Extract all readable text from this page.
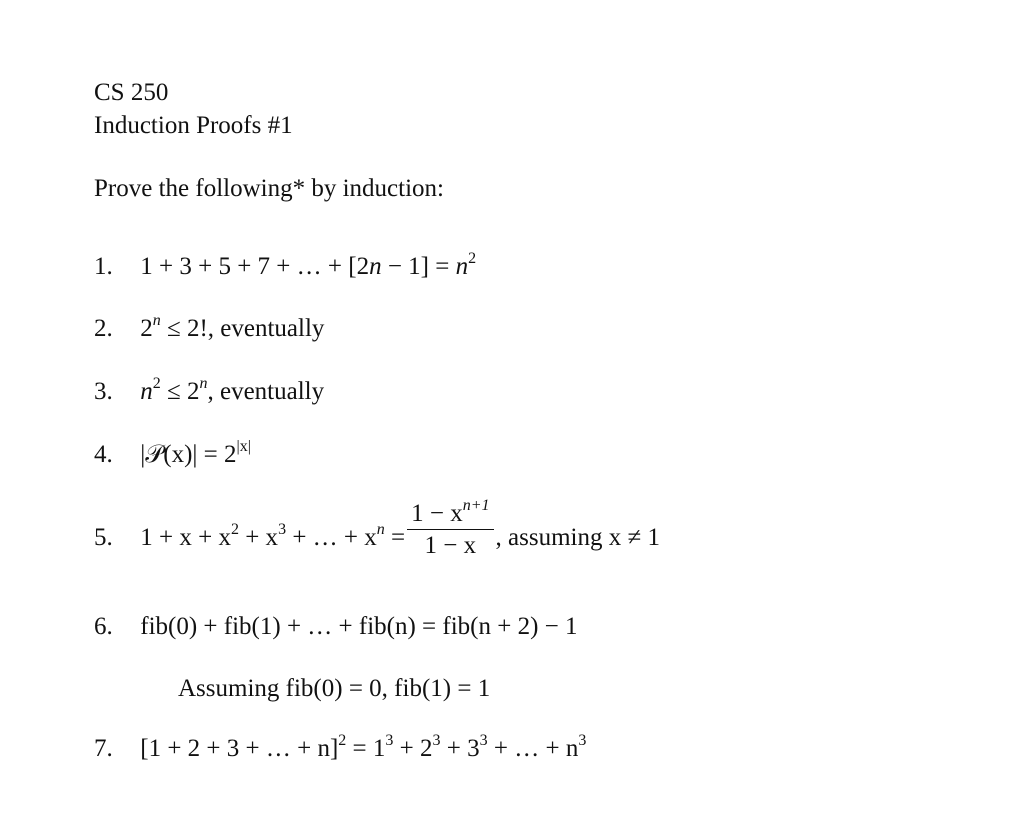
CS 250
Induction Proofs #1
Prove the following* by induction:
1. 1 + 3 + 5 + 7 + … + $[2n - 1] = n^2$
2. $2^n \le 2$!, eventually
3. $n^2 \le 2^n$, eventually
4. |𝒫(x)| = $2^{|x|}$
5. $1 + x + x^2 + x^3$ + … + $x^n = \frac{1 - x^{n+1}}{1 - x}$ , assuming x ≠ 1
6. fib(0) + fib(1) + … + fib(n) = fib(n + 2) − 1
Assuming fib(0) = 0, fib(1) = 1
7. [1 + 2 + 3 + … + $n]^2 = 1^3 + 2^3 + 3^3$ + … + $n^3$
